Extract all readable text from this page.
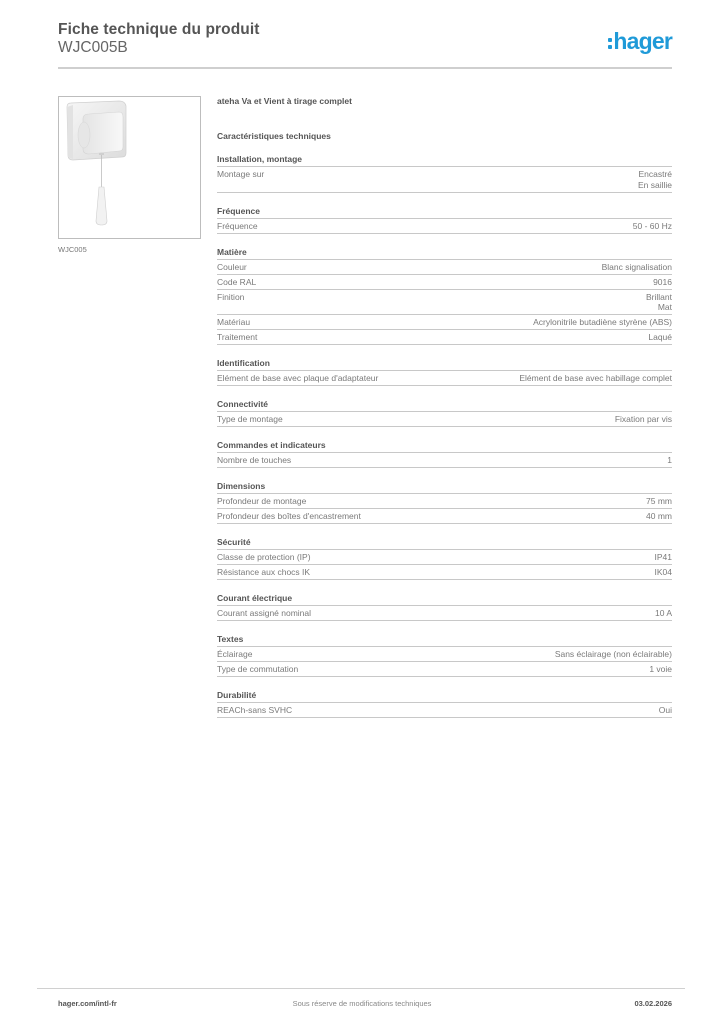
Fiche technique du produit
WJC005B	hager
WJC005
ateha Va et Vient à tirage complet
Caractéristiques techniques
Installation, montage
Montage sur	Encastré
En saillie
Fréquence
Fréquence	50 - 60 Hz
Matière
Couleur	Blanc signalisation
Code RAL	9016
Finition	Brillant
Mat
Matériau	Acrylonitrile butadiène styrène (ABS)
Traitement	Laqué
Identification
Elément de base avec plaque d'adaptateur	Elément de base avec habillage complet
Connectivité
Type de montage	Fixation par vis
Commandes et indicateurs
Nombre de touches	1
Dimensions
Profondeur de montage	75 mm
Profondeur des boîtes d'encastrement	40 mm
Sécurité
Classe de protection (IP)	IP41
Résistance aux chocs IK	IK04
Courant électrique
Courant assigné nominal	10 A
Textes
Éclairage	Sans éclairage (non éclairable)
Type de commutation	1 voie
Durabilité
REACh-sans SVHC	Oui
hager.com/intl-fr	Sous réserve de modifications techniques	03.02.2026
